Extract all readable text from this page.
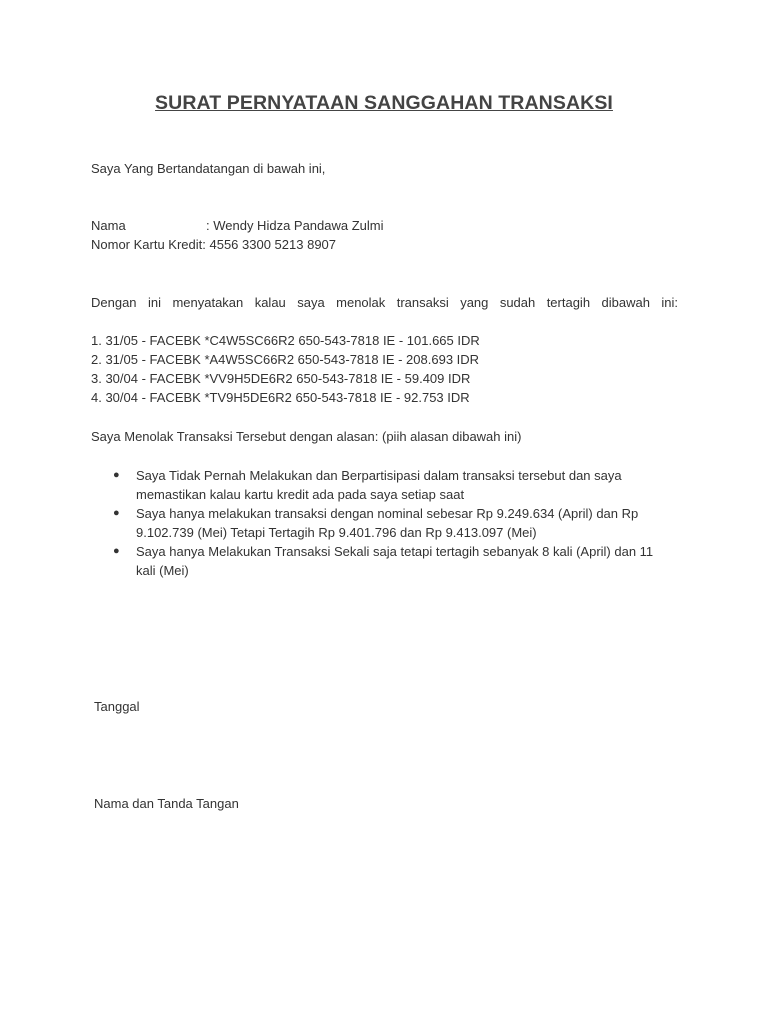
SURAT PERNYATAAN SANGGAHAN TRANSAKSI
Saya Yang Bertandatangan di bawah ini,
Nama	: Wendy Hidza Pandawa Zulmi
Nomor Kartu Kredit: 4556 3300 5213 8907
Dengan ini menyatakan kalau saya menolak transaksi yang sudah tertagih dibawah ini:
1. 31/05 - FACEBK *C4W5SC66R2 650-543-7818 IE - 101.665 IDR
2. 31/05 - FACEBK *A4W5SC66R2 650-543-7818 IE - 208.693 IDR
3. 30/04 - FACEBK *VV9H5DE6R2 650-543-7818 IE - 59.409 IDR
4. 30/04 - FACEBK *TV9H5DE6R2 650-543-7818 IE - 92.753 IDR
Saya Menolak Transaksi Tersebut dengan alasan: (piih alasan dibawah ini)
● Saya Tidak Pernah Melakukan dan Berpartisipasi dalam transaksi tersebut dan saya memastikan kalau kartu kredit ada pada saya setiap saat
● Saya hanya melakukan transaksi dengan nominal sebesar Rp 9.249.634 (April) dan Rp 9.102.739 (Mei) Tetapi Tertagih Rp 9.401.796 dan Rp 9.413.097 (Mei)
● Saya hanya Melakukan Transaksi Sekali saja tetapi tertagih sebanyak 8 kali (April) dan 11 kali (Mei)
Tanggal
Nama dan Tanda Tangan
